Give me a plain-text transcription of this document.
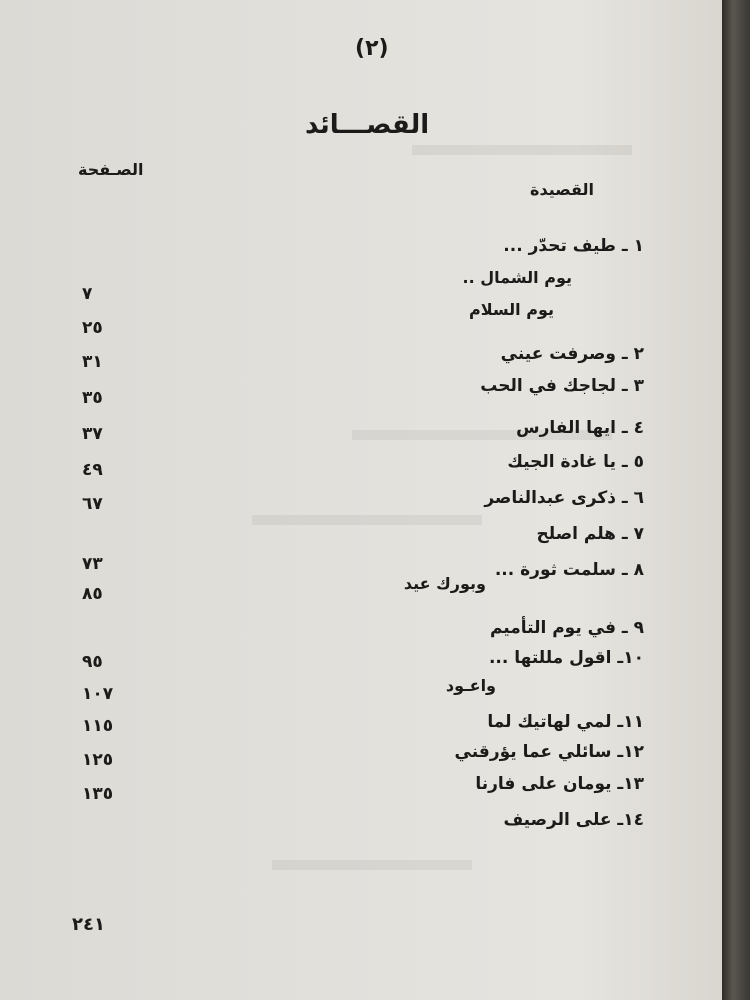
(٢)
القصـــائد
الصـفحة
القصيدة
١ ـ طيف تحدّر ...
يوم الشمال ..
يوم السلام
٢ ـ وصرفت عيني
٣ ـ لجاجك في الحب
٤ ـ ايها الفارس
٥ ـ يا غادة الجيك
٦ ـ ذكرى عبدالناصر
٧ ـ هلم اصلح
٨ ـ سلمت ثورة ...
وبورك عيد
٩ ـ في يوم التأميم
١٠ـ اقول مللتها ...
واعـود
١١ـ لمي لهاتيك لما
١٢ـ سائلي عما يؤرقني
١٣ـ يومان على فارنا
١٤ـ على الرصيف
٧
٢٥
٣١
٣٥
٣٧
٤٩
٦٧
٧٣
٨٥
٩٥
١٠٧
١١٥
١٢٥
١٣٥
٢٤١
